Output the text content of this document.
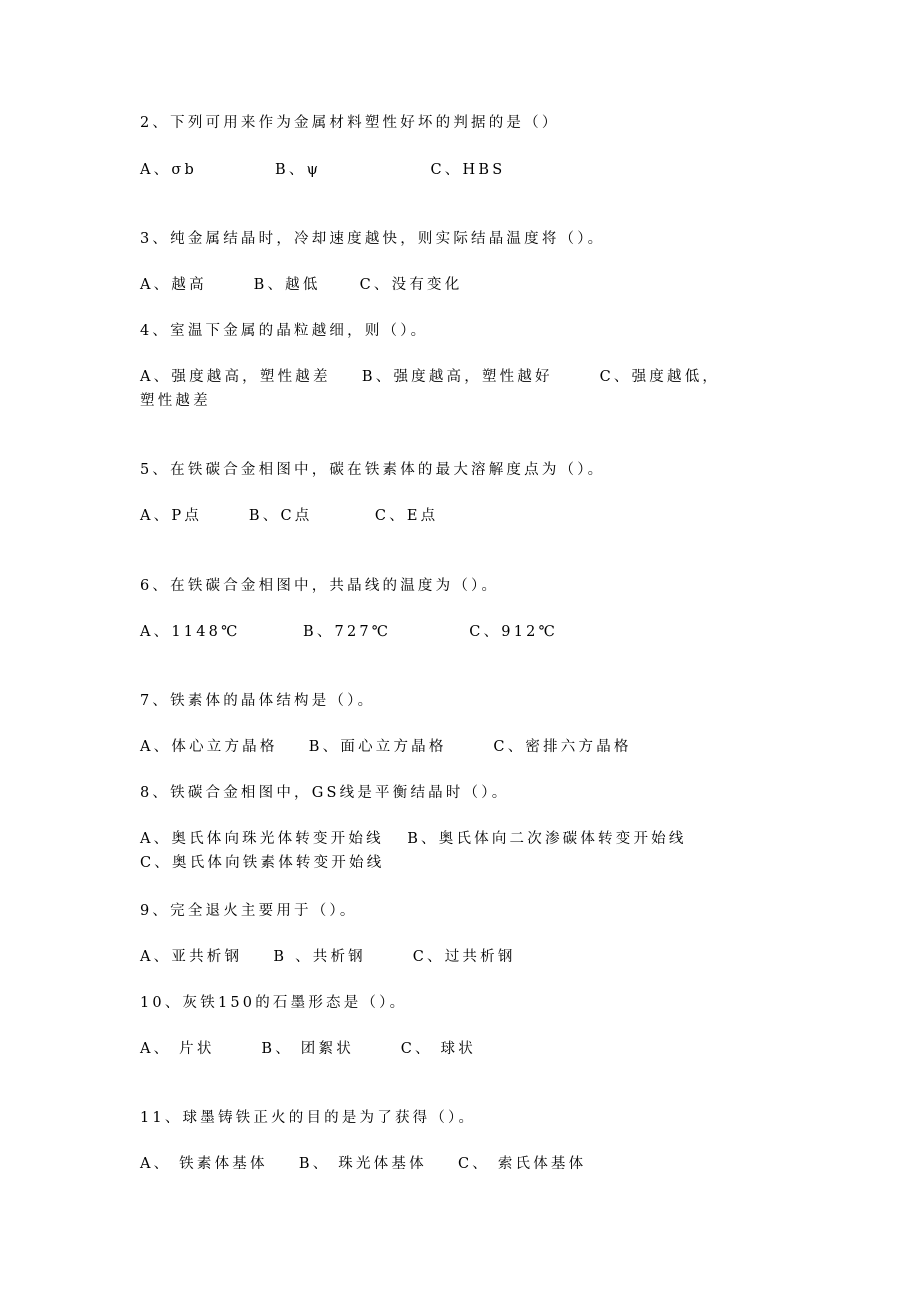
2、下列可用来作为金属材料塑性好坏的判据的是（）
A、σb          B、ψ              C、HBS
3、纯金属结晶时，冷却速度越快，则实际结晶温度将（）。
A、越高      B、越低     C、没有变化
4、室温下金属的晶粒越细，则（）。
A、强度越高，塑性越差    B、强度越高，塑性越好      C、强度越低，
塑性越差
5、在铁碳合金相图中，碳在铁素体的最大溶解度点为（）。
A、P点      B、C点        C、E点
6、在铁碳合金相图中，共晶线的温度为（）。
A、1148℃        B、727℃          C、912℃
7、铁素体的晶体结构是（）。
A、体心立方晶格    B、面心立方晶格      C、密排六方晶格
8、铁碳合金相图中，GS线是平衡结晶时（）。
A、奥氏体向珠光体转变开始线   B、奥氏体向二次渗碳体转变开始线
C、奥氏体向铁素体转变开始线
9、完全退火主要用于（）。
A、亚共析钢    B 、共析钢      C、过共析钢
10、灰铁150的石墨形态是（）。
A、 片状      B、 团絮状      C、 球状
11、球墨铸铁正火的目的是为了获得（）。
A、 铁素体基体    B、 珠光体基体    C、 索氏体基体
